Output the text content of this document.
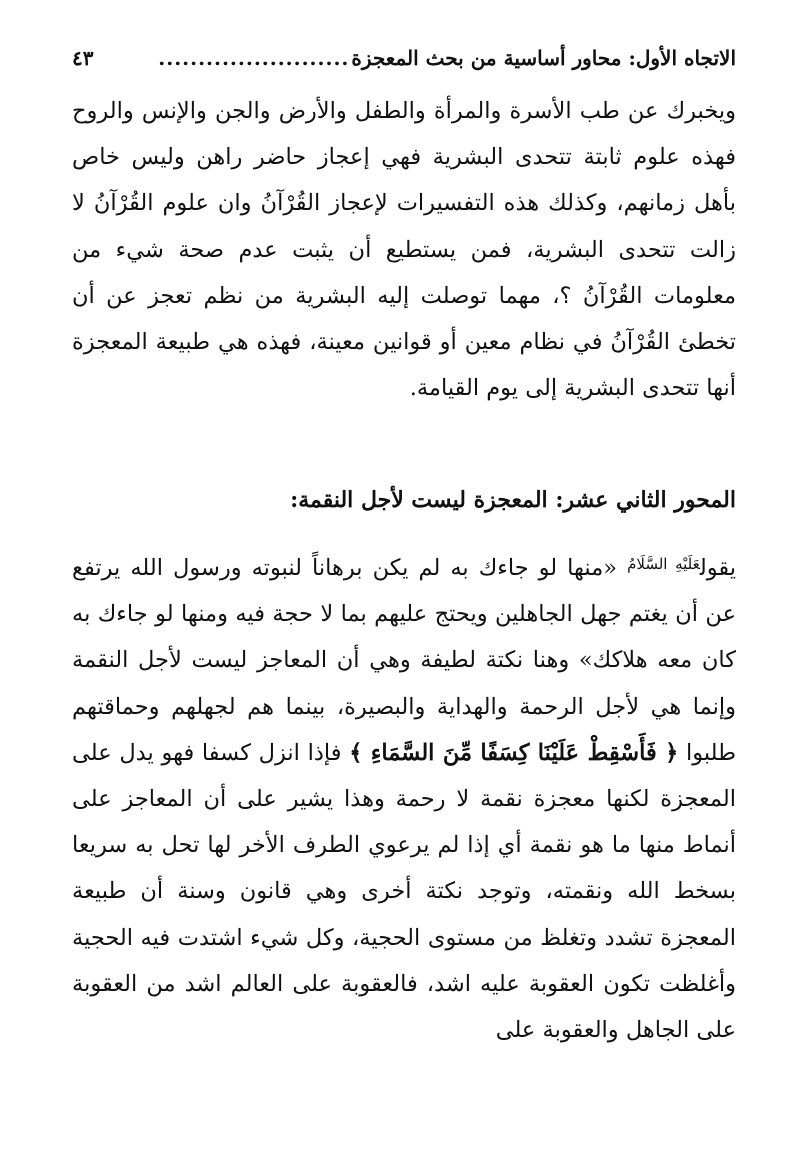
الاتجاه الأول: محاور أساسية من بحث المعجزة
........................
٤٣

ويخبرك عن طب الأسرة والمرأة والطفل والأرض والجن والإنس والروح فهذه علوم ثابتة تتحدى البشرية فهي إعجاز حاضر راهن وليس خاص بأهل زمانهم، وكذلك هذه التفسيرات لإعجاز القُرْآنُ وان علوم القُرْآنُ لا زالت تتحدى البشرية، فمن يستطيع أن يثبت عدم صحة شيء من معلومات القُرْآنُ ؟، مهما توصلت إليه البشرية من نظم تعجز عن أن تخطئ القُرْآنُ في نظام معين أو قوانين معينة، فهذه هي طبيعة المعجزة أنها تتحدى البشرية إلى يوم القيامة.

المحور الثاني عشر: المعجزة ليست لأجل النقمة:

يقول$^{عَلَيْهِ السَّلَامُ}$ «منها لو جاءك به لم يكن برهاناً لنبوته ورسول الله يرتفع عن أن يغتم جهل الجاهلين ويحتج عليهم بما لا حجة فيه ومنها لو جاءك به كان معه هلاكك» وهنا نكتة لطيفة وهي أن المعاجز ليست لأجل النقمة وإنما هي لأجل الرحمة والهداية والبصيرة، بينما هم لجهلهم وحماقتهم طلبوا ﴿ فَأَسْقِطْ عَلَيْنَا كِسَفًا مِّنَ السَّمَاءِ ﴾ فإذا انزل كسفا فهو يدل على المعجزة لكنها معجزة نقمة لا رحمة وهذا يشير على أن المعاجز على أنماط منها ما هو نقمة أي إذا لم يرعوي الطرف الأخر لها تحل به سريعا بسخط الله ونقمته، وتوجد نكتة أخرى وهي قانون وسنة أن طبيعة المعجزة تشدد وتغلظ من مستوى الحجية، وكل شيء اشتدت فيه الحجية وأغلظت تكون العقوبة عليه اشد، فالعقوبة على العالم اشد من العقوبة على الجاهل والعقوبة على
